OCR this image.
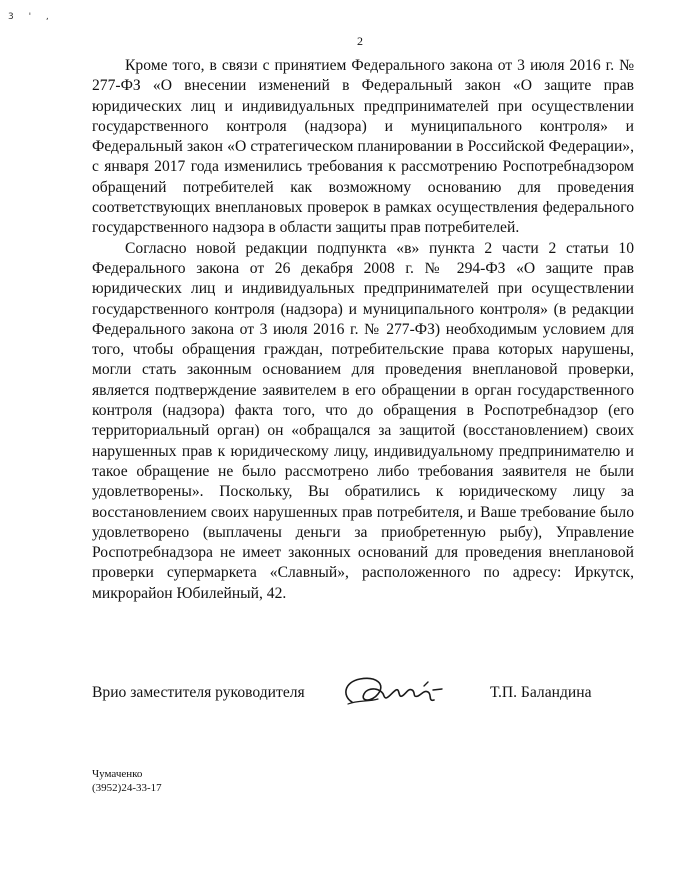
3 ' ,
2

Кроме того, в связи с принятием Федерального закона от 3 июля 2016 г. № 277-ФЗ «О внесении изменений в Федеральный закон «О защите прав юридических лиц и индивидуальных предпринимателей при осуществлении государственного контроля (надзора) и муниципального контроля» и Федеральный закон «О стратегическом планировании в Российской Федерации», с января 2017 года изменились требования к рассмотрению Роспотребнадзором обращений потребителей как возможному основанию для проведения соответствующих внеплановых проверок в рамках осуществления федерального государственного надзора в области защиты прав потребителей.

Согласно новой редакции подпункта «в» пункта 2 части 2 статьи 10 Федерального закона от 26 декабря 2008 г. № 294-ФЗ «О защите прав юридических лиц и индивидуальных предпринимателей при осуществлении государственного контроля (надзора) и муниципального контроля» (в редакции Федерального закона от 3 июля 2016 г. № 277-ФЗ) необходимым условием для того, чтобы обращения граждан, потребительские права которых нарушены, могли стать законным основанием для проведения внеплановой проверки, является подтверждение заявителем в его обращении в орган государственного контроля (надзора) факта того, что до обращения в Роспотребнадзор (его территориальный орган) он «обращался за защитой (восстановлением) своих нарушенных прав к юридическому лицу, индивидуальному предпринимателю и такое обращение не было рассмотрено либо требования заявителя не были удовлетворены». Поскольку, Вы обратились к юридическому лицу за восстановлением своих нарушенных прав потребителя, и Ваше требование было удовлетворено (выплачены деньги за приобретенную рыбу), Управление Роспотребнадзора не имеет законных оснований для проведения внеплановой проверки супермаркета «Славный», расположенного по адресу: Иркутск, микрорайон Юбилейный, 42.

Врио заместителя руководителя	Т.П. Баландина
Чумаченко
(3952)24-33-17
